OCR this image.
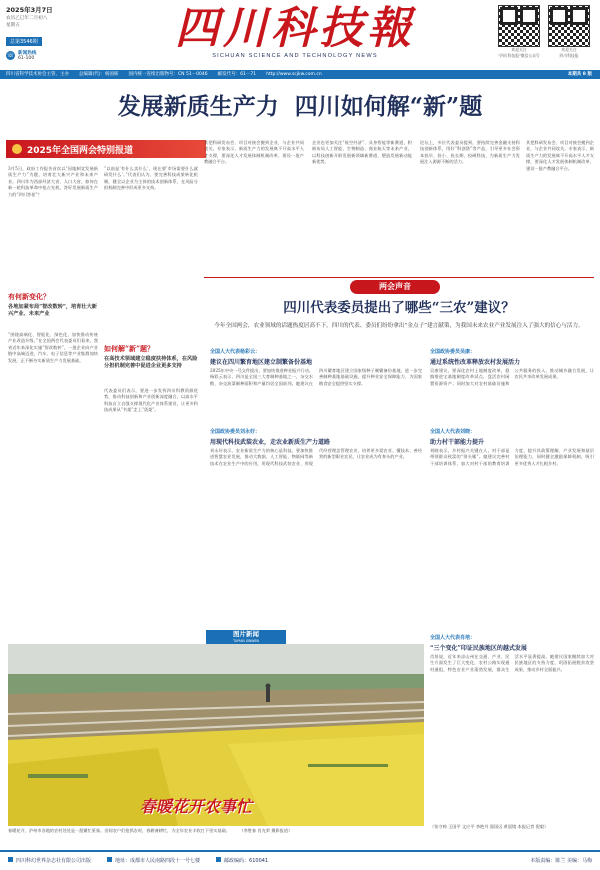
2025年3月7日
农历乙巳年二月初八
星期五
总第3546期
☏ 新闻热线
61-100
四川科技報
SICHUAN SCIENCE AND TECHNOLOGY NEWS
欢迎关注
"四川科技报"微信公众号
欢迎关注
四川科技报
四川省科学技术协会主管、主办 总编辑(代)：杨国栋 国内统一连续出版物号：CN 51－0046 邮发代号：61－71 http://www.scjkw.com.cn	本期共 8 版
发展新质生产力  四川如何解“新”题
2025年全国两会特别报道
3月5日，政府工作报告首次以“因地制宜发展新质生产力”为题，培育壮大新兴产业和未来产业。四川作为西部经济大省、人口大省，如何在新一轮科技革命中抢占先机，答好发展新质生产力的“四川答卷”？
有何新变化？
各地加紧布局“智改数转”，培育壮大新兴产业、未来产业
“围绕高端化、智能化、绿色化，加快推动传统产业改造升级。”在全国两会代表委员们看来，我省近年来深化实施“智改数转”，一批企业向产业链中高端迈进，汽车、电子信息等产业集群加快发展，正不断夯实新质生产力发展基础。
“以前是‘有什么卖什么’，现在要‘市场需要什么就研发什么’。”代表们认为，要完善科技成果转化机制，健全以企业为主体的技术创新体系，在风险分担机制完善中形成更多支持。
如何解“新”题？
在高技术领域建立稳度扶持体系，在风险分担机制完善中促进企业更多支持
代表委员们表示，要进一步发挥四川科教资源优势，推动科技创新和产业创新深度融合，以高水平科技自立自强支撑现代化产业体系建设，让更多科技成果从“书架”走上“货架”。
其把科研发布会、项目对接会搬到企业，与企业共同攻关。专家表示，新质生产力的发展离不开高水平人才支撑，要深化人才发展体制机制改革，建设一批产教融合平台。
企业也更加关注“低空经济”、具身智能等新赛道，积极布局人工智能、生物制造、商业航天等未来产业，以科技创新开辟发展新领域新赛道、塑造发展新动能新优势。
论坛上，多位代表委员提到，要持续完善金融支持科技创新体系，用好“科创贷”等产品，引导更多社会资本投早、投小、投长期、投硬科技，为新质生产力发展注入源源不断的活力。
其把科研发布会、项目对接会搬到企业，与企业共同攻关。专家表示，新质生产力的发展离不开高水平人才支撑，要深化人才发展体制机制改革，建设一批产教融合平台。
两会声音
四川代表委员提出了哪些“三农”建议？
今年全国两会，农业领域的话题热度居高不下，四川的代表、委员们纷纷拿出“金点子”建言献策，为我国未来农业产业发展注入了强大的信心与活力。
全国人大代表杨彩云：
建议在四川繁育地区建立制繁备份基地
2025年中央一号文件提出，要加快推进种业振兴行动。杨彩云表示，四川是全国三大育制种基地之一，杂交水稻、杂交油菜制种面积和产量均居全国前列。她建议在四川繁育地区建立国家级种子制繁备份基地，进一步完善制种基地基础设施，提升种业安全保障能力，为国家粮食安全提供坚实支撑。
全国政协委员刘永好：
用现代科技武装农业，走农业新质生产力道路
刘永好表示，农业新质生产力的核心是科技。要加快推进智慧农业发展，推动大数据、人工智能、物联网等新技术在农业生产中的应用，用现代科技武装农业、用现代经营理念管理农业，培养更多爱农业、懂技术、善经营的新型职业农民，让农业成为有奔头的产业。
全国政协委员吴康：
通过系统性改革释放农村发展活力
吴康建议，要深化农村土地制度改革，稳慎推进宅基地制度改革试点，盘活农村闲置资源资产；同时加大对农村基础设施和公共服务的投入，推动城乡融合发展，让农民共享改革发展成果。
全国人大代表刘晓：
助力村干部能力提升
刘晓表示，乡村振兴关键在人，村干部是带领群众致富的“领头雁”。她建议完善村干部培训体系，加大对村干部的教育培训力度，提升其政策理解、产业发展和基层治理能力，同时健全激励保障机制，吸引更多优秀人才扎根乡村。
全国人大代表肖培：
“三个变化”印证民族地区的越式发展
肖培说，近年来凉山州在交通、产业、民生方面发生了巨大变化，农村公路实现通村通组，特色农业产业蓬勃发展，群众生活水平显著提高。她建议国家继续加大对民族地区的支持力度，巩固拓展脱贫攻坚成果，推动乡村全面振兴。
（张守帅 王国平 文应平 李艳丹 邵国远 黄晨镜 本报记者 倪毅）
图片新闻
TUPIAN XINWEN
春暖花开农事忙
春暖花开，泸州市各地的农村处处是一派繁忙景象。田间农户们抢抓农时，春耕备耕忙，为全年农业丰收打下坚实基础。 （李胜春 肖光荣 摄影报道）
四川科幻世界杂志社有限公司出版	地址：成都市人民南路四段十一号七楼	邮政编码：610041	本版责编：陈兰 美编：马梅
